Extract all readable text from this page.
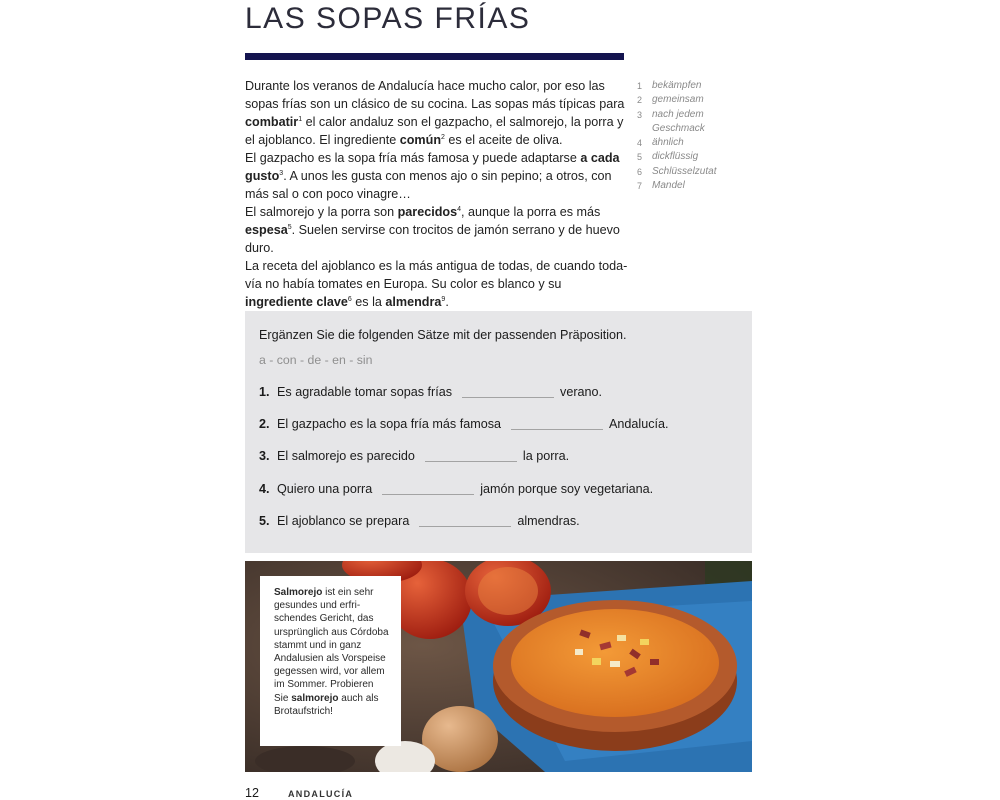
LAS SOPAS FRÍAS

Durante los veranos de Andalucía hace mucho calor, por eso las sopas frías son un clásico de su cocina. Las sopas más típicas para combatir$^1$ el calor andaluz son el gazpacho, el salmorejo, la porra y el ajoblanco. El ingrediente común$^2$ es el aceite de oliva.

El gazpacho es la sopa fría más famosa y puede adaptarse a cada gusto$^3$. A unos les gusta con menos ajo o sin pepino; a otros, con más sal o con poco vinagre…

El salmorejo y la porra son parecidos$^4$, aunque la porra es más espesa$^5$. Suelen servirse con trocitos de jamón serrano y de huevo duro.

La receta del ajoblanco es la más antigua de todas, de cuando todavía no había tomates en Europa. Su color es blanco y su ingrediente clave$^6$ es la almendra$^9$.

1 bekämpfen
2 gemeinsam
3 nach jedem Geschmack
4 ähnlich
5 dickflüssig
6 Schlüsselzutat
7 Mandel

Ergänzen Sie die folgenden Sätze mit der passenden Präposition.

a - con - de - en - sin

1. Es agradable tomar sopas frías	verano.
2. El gazpacho es la sopa fría más famosa	Andalucía.
3. El salmorejo es parecido	la porra.
4. Quiero una porra	jamón porque soy vegetariana.
5. El ajoblanco se prepara	almendras.
Salmorejo ist ein sehr gesundes und erfrischendes Gericht, das ursprünglich aus Córdoba stammt und in ganz Andalusien als Vorspeise gegessen wird, vor allem im Sommer. Probieren Sie salmorejo auch als Brotaufstrich!
12	ANDALUCÍA
